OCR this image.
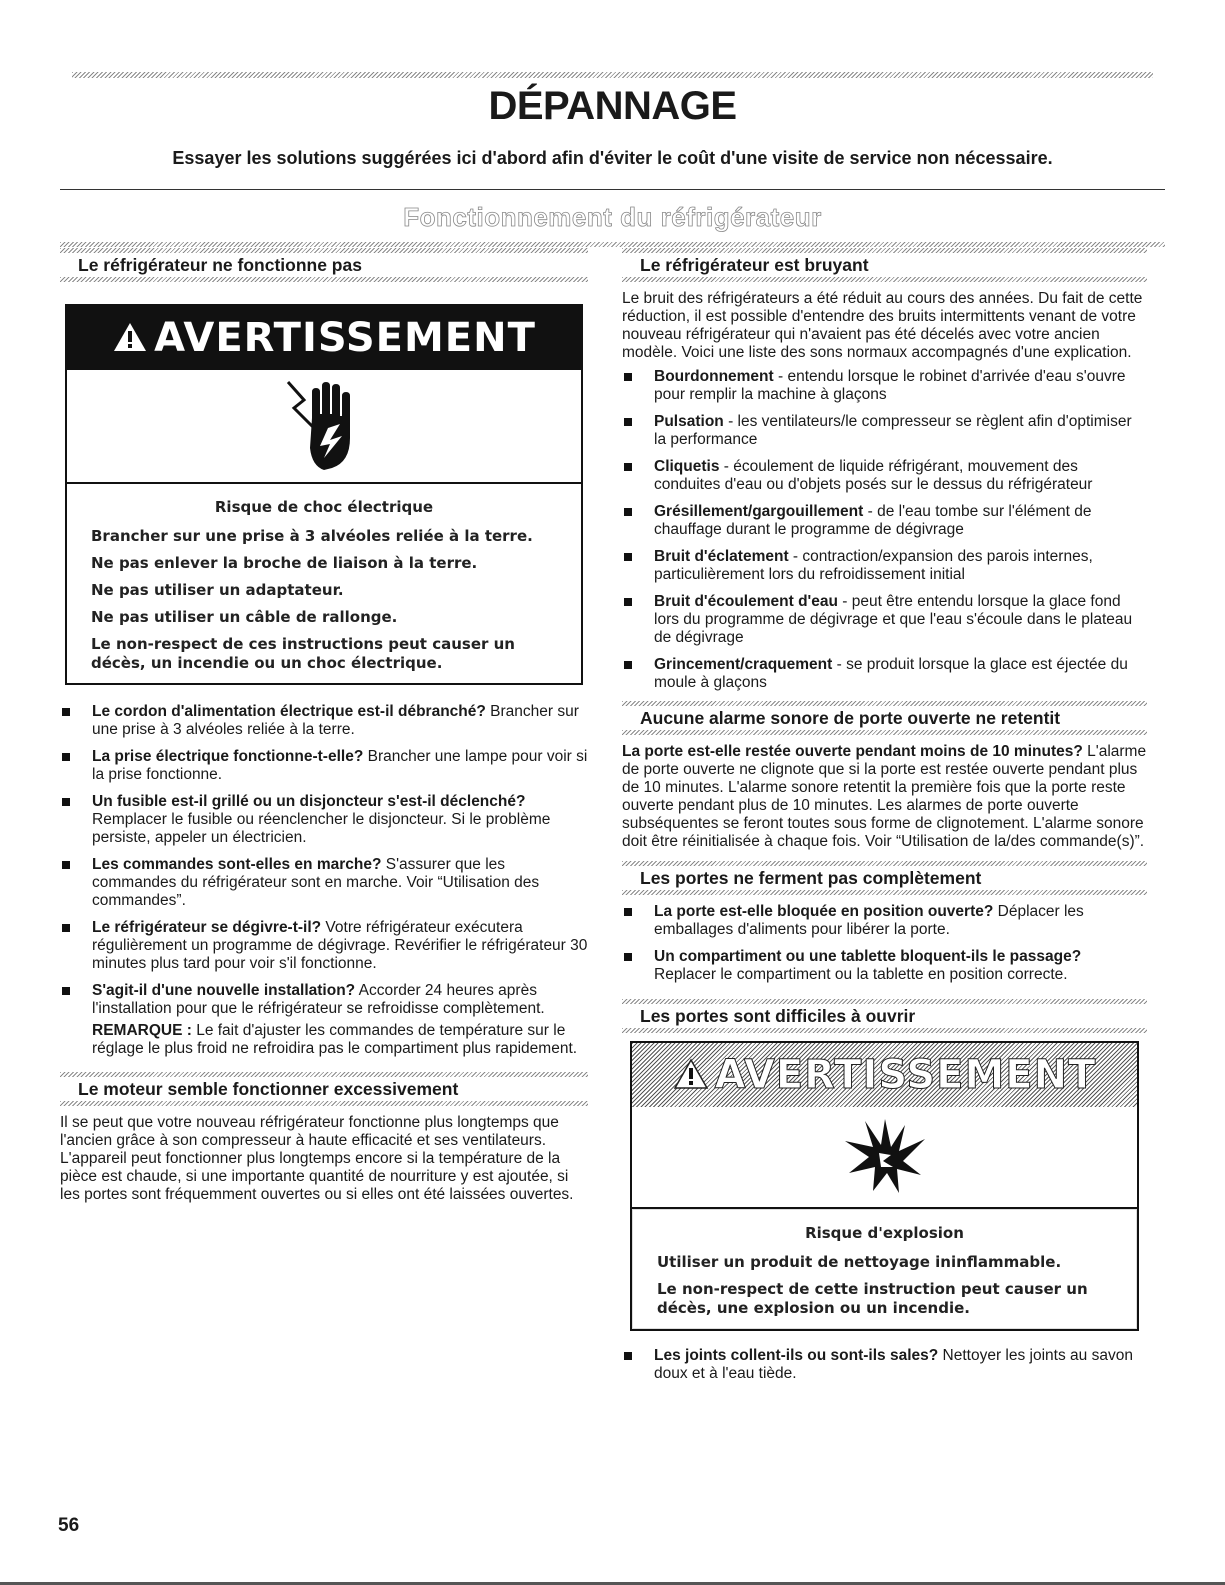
DÉPANNAGE

Essayer les solutions suggérées ici d'abord afin d'éviter le coût d'une visite de service non nécessaire.

Fonctionnement du réfrigérateur
Le réfrigérateur ne fonctionne pas
AVERTISSEMENT

Risque de choc électrique

Brancher sur une prise à 3 alvéoles reliée à la terre.

Ne pas enlever la broche de liaison à la terre.

Ne pas utiliser un adaptateur.

Ne pas utiliser un câble de rallonge.

Le non-respect de ces instructions peut causer un décès, un incendie ou un choc électrique.

Le cordon d'alimentation électrique est-il débranché? Brancher sur une prise à 3 alvéoles reliée à la terre.
La prise électrique fonctionne-t-elle? Brancher une lampe pour voir si la prise fonctionne.
Un fusible est-il grillé ou un disjoncteur s'est-il déclenché? Remplacer le fusible ou réenclencher le disjoncteur. Si le problème persiste, appeler un électricien.
Les commandes sont-elles en marche? S'assurer que les commandes du réfrigérateur sont en marche. Voir “Utilisation des commandes”.
Le réfrigérateur se dégivre-t-il? Votre réfrigérateur exécutera régulièrement un programme de dégivrage. Revérifier le réfrigérateur 30 minutes plus tard pour voir s'il fonctionne.
S'agit-il d'une nouvelle installation? Accorder 24 heures après l'installation pour que le réfrigérateur se refroidisse complètement.

REMARQUE : Le fait d'ajuster les commandes de température sur le réglage le plus froid ne refroidira pas le compartiment plus rapidement.

Le moteur semble fonctionner excessivement

Il se peut que votre nouveau réfrigérateur fonctionne plus longtemps que l'ancien grâce à son compresseur à haute efficacité et ses ventilateurs. L'appareil peut fonctionner plus longtemps encore si la température de la pièce est chaude, si une importante quantité de nourriture y est ajoutée, si les portes sont fréquemment ouvertes ou si elles ont été laissées ouvertes.

Le réfrigérateur est bruyant

Le bruit des réfrigérateurs a été réduit au cours des années. Du fait de cette réduction, il est possible d'entendre des bruits intermittents venant de votre nouveau réfrigérateur qui n'avaient pas été décelés avec votre ancien modèle. Voici une liste des sons normaux accompagnés d'une explication.

Bourdonnement - entendu lorsque le robinet d'arrivée d'eau s'ouvre pour remplir la machine à glaçons
Pulsation - les ventilateurs/le compresseur se règlent afin d'optimiser la performance
Cliquetis - écoulement de liquide réfrigérant, mouvement des conduites d'eau ou d'objets posés sur le dessus du réfrigérateur
Grésillement/gargouillement - de l'eau tombe sur l'élément de chauffage durant le programme de dégivrage
Bruit d'éclatement - contraction/expansion des parois internes, particulièrement lors du refroidissement initial
Bruit d'écoulement d'eau - peut être entendu lorsque la glace fond lors du programme de dégivrage et que l'eau s'écoule dans le plateau de dégivrage
Grincement/craquement - se produit lorsque la glace est éjectée du moule à glaçons
Aucune alarme sonore de porte ouverte ne retentit

La porte est-elle restée ouverte pendant moins de 10 minutes? L'alarme de porte ouverte ne clignote que si la porte est restée ouverte pendant plus de 10 minutes. L'alarme sonore retentit la première fois que la porte reste ouverte pendant plus de 10 minutes. Les alarmes de porte ouverte subséquentes se feront toutes sous forme de clignotement. L'alarme sonore doit être réinitialisée à chaque fois. Voir “Utilisation de la/des commande(s)”.

Les portes ne ferment pas complètement
La porte est-elle bloquée en position ouverte? Déplacer les emballages d'aliments pour libérer la porte.
Un compartiment ou une tablette bloquent-ils le passage? Replacer le compartiment ou la tablette en position correcte.
Les portes sont difficiles à ouvrir
AVERTISSEMENT

Risque d'explosion

Utiliser un produit de nettoyage ininflammable.

Le non-respect de cette instruction peut causer un décès, une explosion ou un incendie.

Les joints collent-ils ou sont-ils sales? Nettoyer les joints au savon doux et à l'eau tiède.

56
